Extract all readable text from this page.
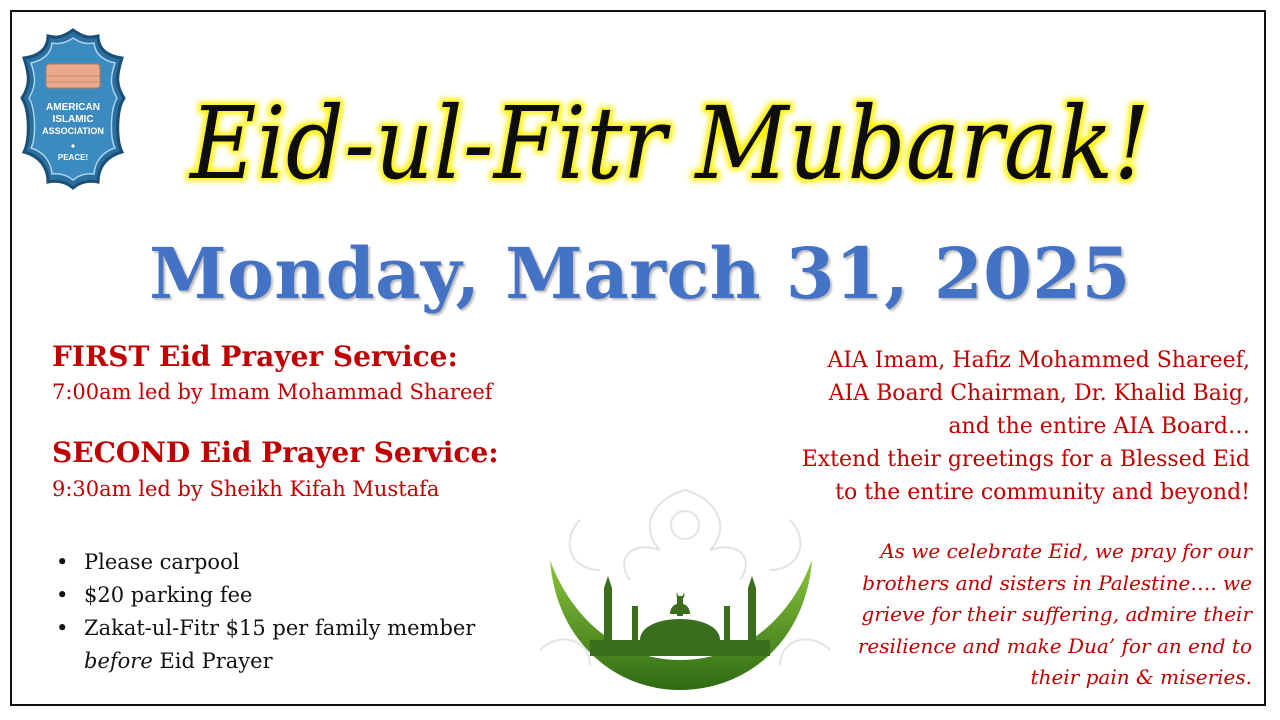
AMERICAN
ISLAMIC
ASSOCIATION
PEACE! Eid-ul-Fitr Mubarak!
Monday, March 31, 2025
FIRST Eid Prayer Service:
7:00am led by Imam Mohammad Shareef
SECOND Eid Prayer Service:
9:30am led by Sheikh Kifah Mustafa
• Please carpool
• $20 parking fee
• Zakat-ul-Fitr $15 per family member
before Eid Prayer
AIA Imam, Hafiz Mohammed Shareef,
AIA Board Chairman, Dr. Khalid Baig,
and the entire AIA Board…
Extend their greetings for a Blessed Eid
to the entire community and beyond!
As we celebrate Eid, we pray for our
brothers and sisters in Palestine…. we
grieve for their suffering, admire their
resilience and make Dua’ for an end to
their pain & miseries.
